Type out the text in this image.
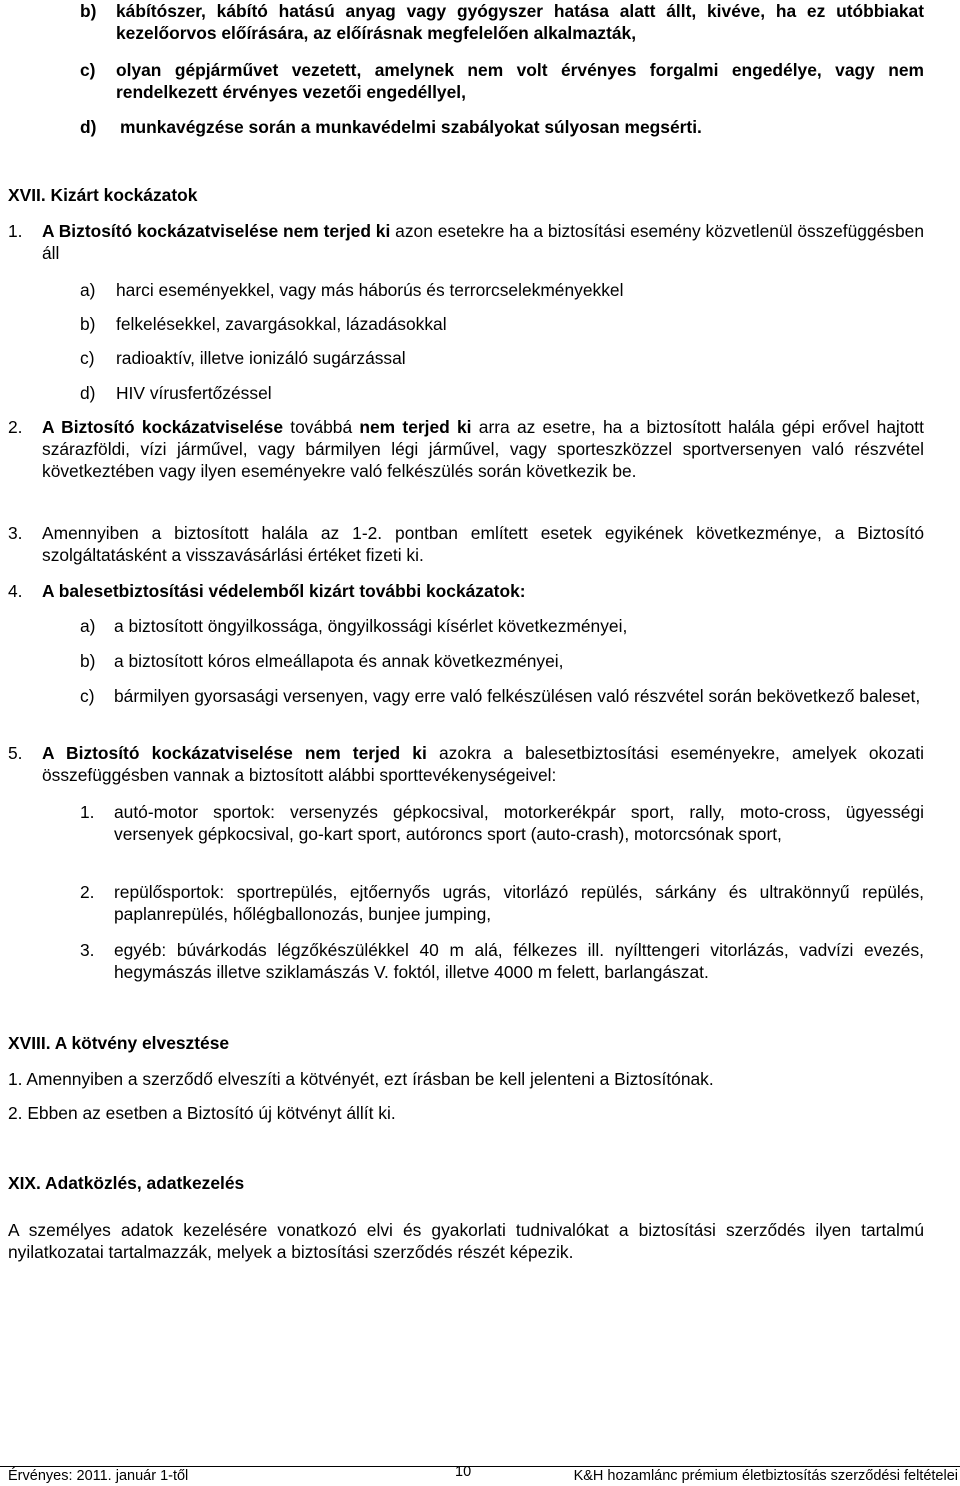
b) kábítószer, kábító hatású anyag vagy gyógyszer hatása alatt állt, kivéve, ha ez utóbbiakat kezelőorvos előírására, az előírásnak megfelelően alkalmazták,
c) olyan gépjárművet vezetett, amelynek nem volt érvényes forgalmi engedélye, vagy nem rendelkezett érvényes vezetői engedéllyel,
d) munkavégzése során a munkavédelmi szabályokat súlyosan megsérti.
XVII. Kizárt kockázatok
1. A Biztosító kockázatviselése nem terjed ki azon esetekre ha a biztosítási esemény közvetlenül összefüggésben áll
a) harci eseményekkel, vagy más háborús és terrorcselekményekkel
b) felkelésekkel, zavargásokkal, lázadásokkal
c) radioaktív, illetve ionizáló sugárzással
d) HIV vírusfertőzéssel
2. A Biztosító kockázatviselése továbbá nem terjed ki arra az esetre, ha a biztosított halála gépi erővel hajtott szárazföldi, vízi járművel, vagy bármilyen légi járművel, vagy sporteszközzel sportversenyen való részvétel következtében vagy ilyen eseményekre való felkészülés során következik be.
3. Amennyiben a biztosított halála az 1-2. pontban említett esetek egyikének következménye, a Biztosító szolgáltatásként a visszavásárlási értéket fizeti ki.
4. A balesetbiztosítási védelemből kizárt további kockázatok:
a) a biztosított öngyilkossága, öngyilkossági kísérlet következményei,
b) a biztosított kóros elmeállapota és annak következményei,
c) bármilyen gyorsasági versenyen, vagy erre való felkészülésen való részvétel során bekövetkező baleset,
5. A Biztosító kockázatviselése nem terjed ki azokra a balesetbiztosítási eseményekre, amelyek okozati összefüggésben vannak a biztosított alábbi sporttevékenységeivel:
1. autó-motor sportok: versenyzés gépkocsival, motorkerékpár sport, rally, moto-cross, ügyességi versenyek gépkocsival, go-kart sport, autóroncs sport (auto-crash), motorcsónak sport,
2. repülősportok: sportrepülés, ejtőernyős ugrás, vitorlázó repülés, sárkány és ultrakönnyű repülés, paplanrepülés, hőlégballonozás, bunjee jumping,
3. egyéb: búvárkodás légzőkészülékkel 40 m alá, félkezes ill. nyílttengeri vitorlázás, vadvízi evezés, hegymászás illetve sziklamászás V. foktól, illetve 4000 m felett, barlangászat.
XVIII. A kötvény elvesztése
1. Amennyiben a szerződő elveszíti a kötvényét, ezt írásban be kell jelenteni a Biztosítónak.
2. Ebben az esetben a Biztosító új kötvényt állít ki.
XIX. Adatközlés, adatkezelés
A személyes adatok kezelésére vonatkozó elvi és gyakorlati tudnivalókat a biztosítási szerződés ilyen tartalmú nyilatkozatai tartalmazzák, melyek a biztosítási szerződés részét képezik.
Érvényes: 2011. január 1-től	10	K&H hozamlánc prémium életbiztosítás szerződési feltételei
